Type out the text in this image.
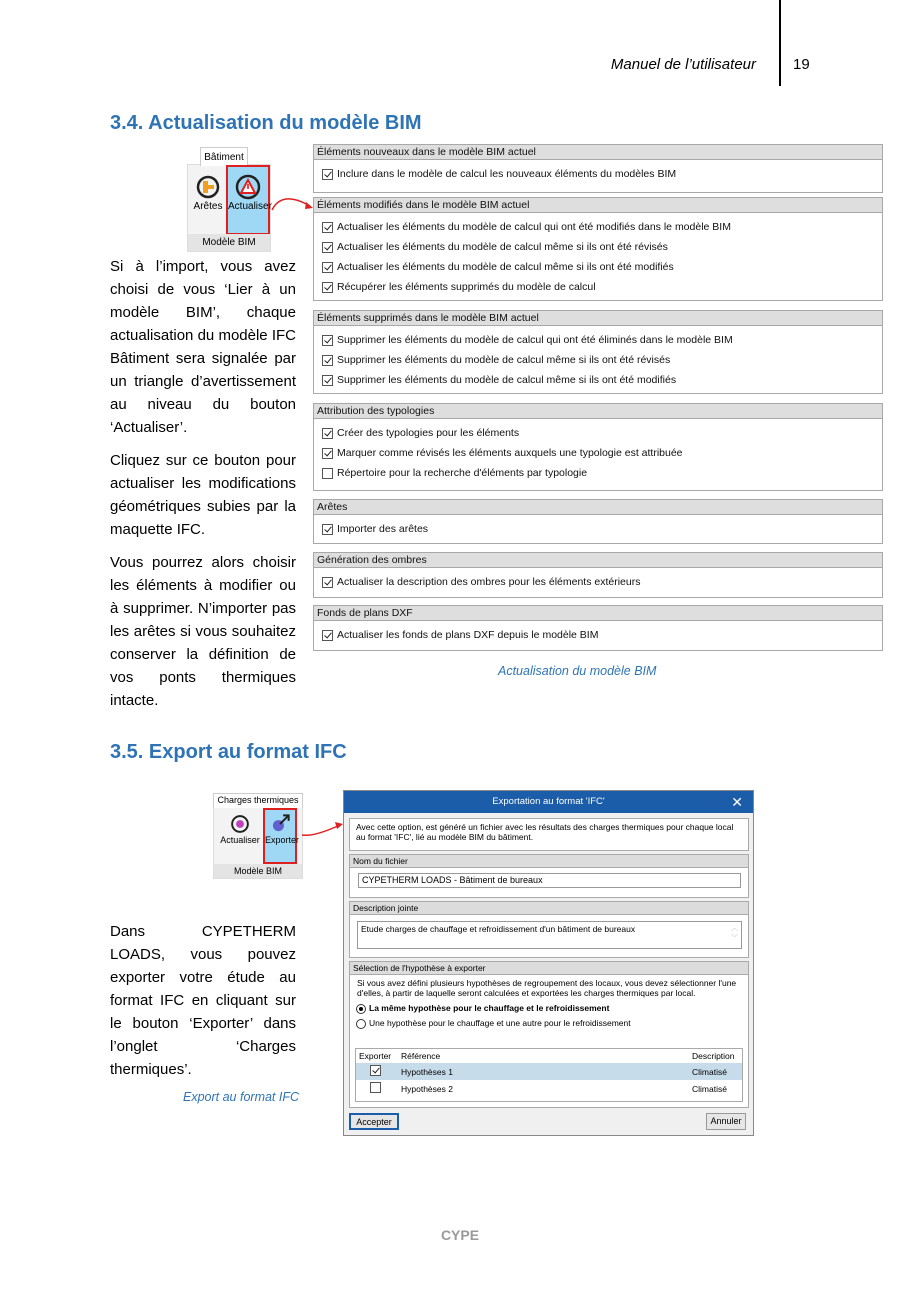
Manuel de l’utilisateur 19
3.4. Actualisation du modèle BIM
Bâtiment
Arêtes Actualiser
Modèle BIM

Si à l’import, vous avez choisi de vous ‘Lier à un modèle BIM’, chaque actualisation du modèle IFC Bâtiment sera signalée par un triangle d’avertissement au niveau du bouton ‘Actualiser’.

Cliquez sur ce bouton pour actualiser les modifications géométriques subies par la maquette IFC.

Vous pourrez alors choisir les éléments à modifier ou à supprimer. N’importer pas les arêtes si vous souhaitez conserver la définition de vos ponts thermiques intacte.

Éléments nouveaux dans le modèle BIM actuel
Inclure dans le modèle de calcul les nouveaux éléments du modèles BIM
Éléments modifiés dans le modèle BIM actuel
Actualiser les éléments du modèle de calcul qui ont été modifiés dans le modèle BIM
Actualiser les éléments du modèle de calcul même si ils ont été révisés
Actualiser les éléments du modèle de calcul même si ils ont été modifiés
Récupérer les éléments supprimés du modèle de calcul
Éléments supprimés dans le modèle BIM actuel
Supprimer les éléments du modèle de calcul qui ont été éliminés dans le modèle BIM
Supprimer les éléments du modèle de calcul même si ils ont été révisés
Supprimer les éléments du modèle de calcul même si ils ont été modifiés
Attribution des typologies
Créer des typologies pour les éléments
Marquer comme révisés les éléments auxquels une typologie est attribuée
Répertoire pour la recherche d'éléments par typologie
Arêtes
Importer des arêtes
Génération des ombres
Actualiser la description des ombres pour les éléments extérieurs
Fonds de plans DXF
Actualiser les fonds de plans DXF depuis le modèle BIM
Actualisation du modèle BIM
3.5. Export au format IFC
Charges thermiques
Actualiser Exporter
Modèle BIM

Dans CYPETHERM LOADS, vous pouvez exporter votre étude au format IFC en cliquant sur le bouton ‘Exporter’ dans l’onglet ‘Charges thermiques’.

Export au format IFC
Exportation au format 'IFC'	✕
Avec cette option, est généré un fichier avec les résultats des charges thermiques pour chaque local au format 'IFC', lié au modèle BIM du bâtiment.
Nom du fichier
CYPETHERM LOADS - Bâtiment de bureaux
Description jointe
Etude charges de chauffage et refroidissement d'un bâtiment de bureaux	︿
﹀
Sélection de l'hypothèse à exporter
Si vous avez défini plusieurs hypothèses de regroupement des locaux, vous devez sélectionner l'une d'elles, à partir de laquelle seront calculées et exportées les charges thermiques par local.
La même hypothèse pour le chauffage et le refroidissement
Une hypothèse pour le chauffage et une autre pour le refroidissement
Exporter	Référence	Description
	Hypothèses 1	Climatisé
	Hypothèses 2	Climatisé
Accepter	Annuler
CYPE
